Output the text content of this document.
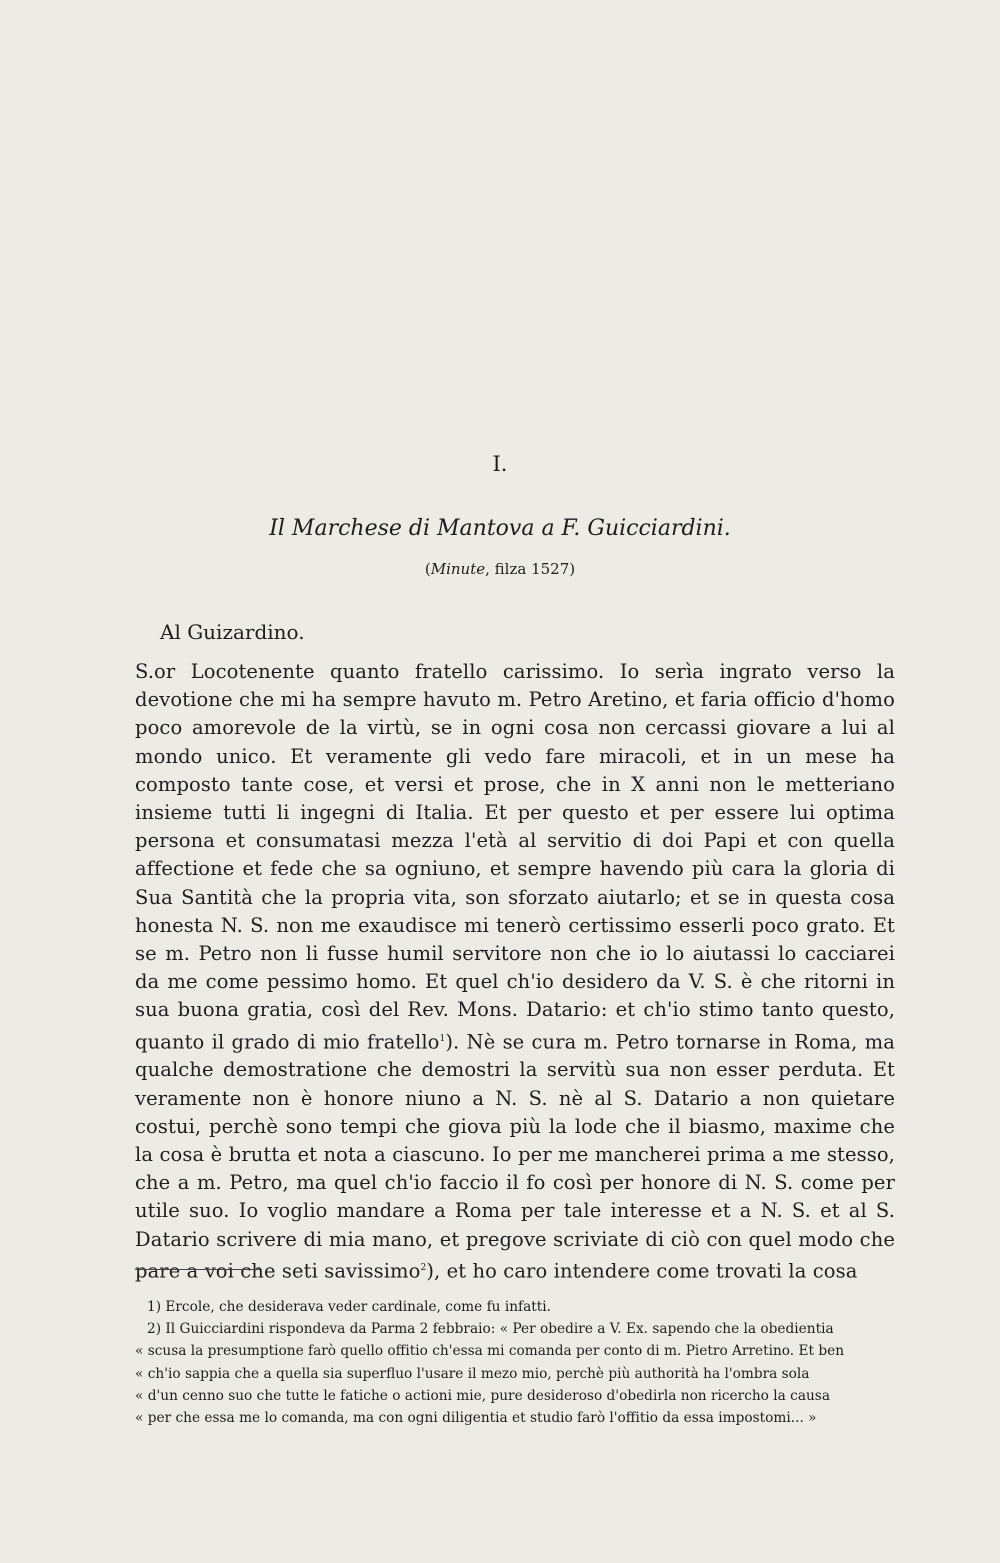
I.
Il Marchese di Mantova a F. Guicciardini.
(Minute, filza 1527)
Al Guizardino.
S.or Locotenente quanto fratello carissimo. Io serìa ingrato verso la devotione che mi ha sempre havuto m. Petro Aretino, et faria officio d'homo poco amorevole de la virtù, se in ogni cosa non cercassi giovare a lui al mondo unico. Et veramente gli vedo fare miracoli, et in un mese ha composto tante cose, et versi et prose, che in X anni non le metteriano insieme tutti li ingegni di Italia. Et per questo et per essere lui optima persona et consumatasi mezza l'età al servitio di doi Papi et con quella affectione et fede che sa ogniuno, et sempre havendo più cara la gloria di Sua Santità che la propria vita, son sforzato aiutarlo; et se in questa cosa honesta N. S. non me exaudisce mi tenerò certissimo esserli poco grato. Et se m. Petro non li fusse humil servitore non che io lo aiutassi lo cacciarei da me come pessimo homo. Et quel ch'io desidero da V. S. è che ritorni in sua buona gratia, così del Rev. Mons. Datario: et ch'io stimo tanto questo, quanto il grado di mio fratello$^1$). Nè se cura m. Petro tornarse in Roma, ma qualche demostratione che demostri la servitù sua non esser perduta. Et veramente non è honore niuno a N. S. nè al S. Datario a non quietare costui, perchè sono tempi che giova più la lode che il biasmo, maxime che la cosa è brutta et nota a ciascuno. Io per me mancherei prima a me stesso, che a m. Petro, ma quel ch'io faccio il fo così per honore di N. S. come per utile suo. Io voglio mandare a Roma per tale interesse et a N. S. et al S. Datario scrivere di mia mano, et pregove scriviate di ciò con quel modo che pare a voi che seti savissimo$^2$), et ho caro intendere come trovati la cosa
1) Ercole, che desiderava veder cardinale, come fu infatti.
2) Il Guicciardini rispondeva da Parma 2 febbraio: « Per obedire a V. Ex. sapendo che la obedientia
« scusa la presumptione farò quello offitio ch'essa mi comanda per conto di m. Pietro Arretino. Et ben
« ch'io sappia che a quella sia superfluo l'usare il mezo mio, perchè più authorità ha l'ombra sola
« d'un cenno suo che tutte le fatiche o actioni mie, pure desideroso d'obedirla non ricercho la causa
« per che essa me lo comanda, ma con ogni diligentia et studio farò l'offitio da essa impostomi... »
